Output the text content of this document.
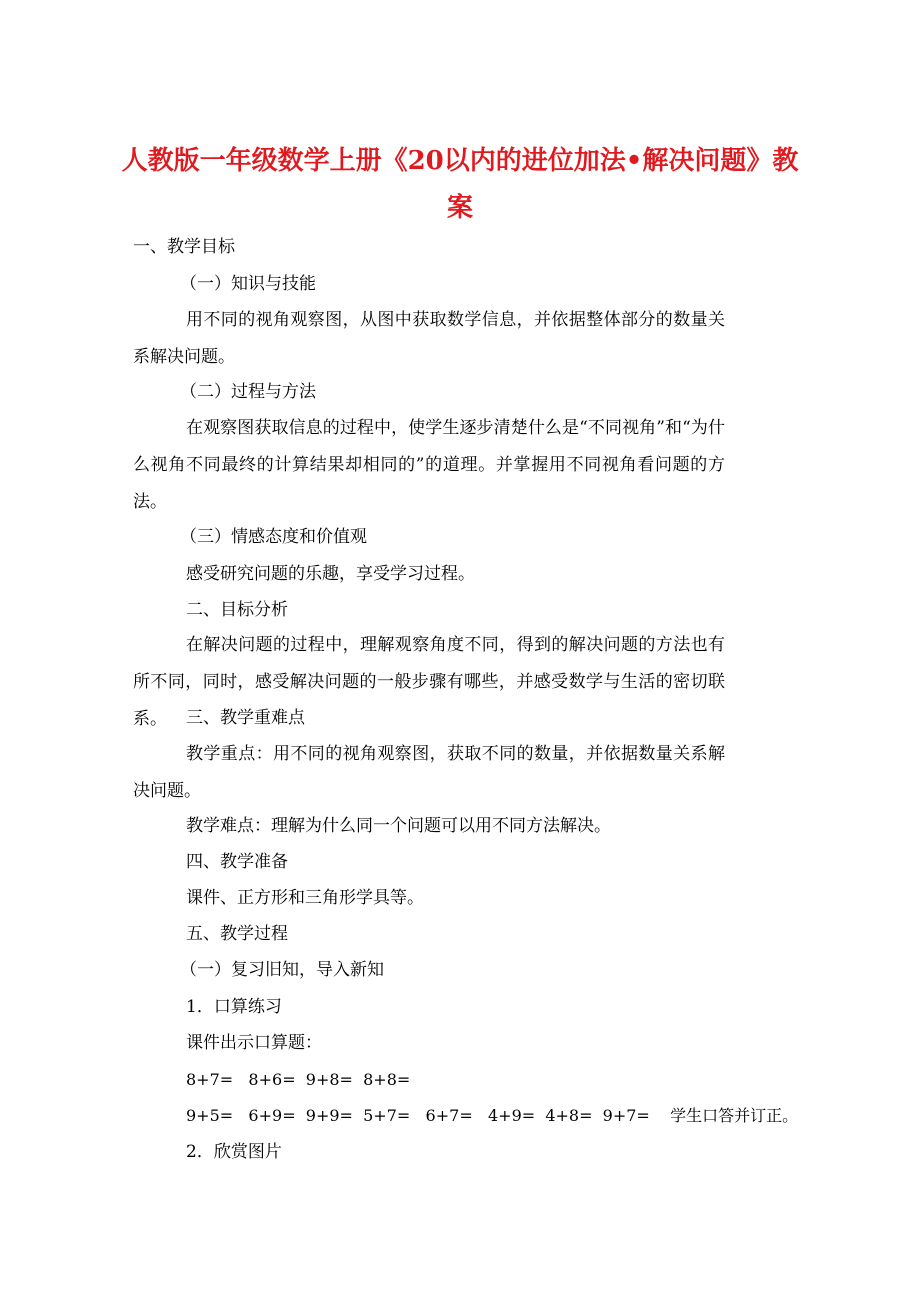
人教版一年级数学上册《20以内的进位加法•解决问题》教案
一、教学目标
（一）知识与技能
用不同的视角观察图，从图中获取数学信息，并依据整体部分的数量关系解决问题。
（二）过程与方法
在观察图获取信息的过程中，使学生逐步清楚什么是“不同视角”和“为什么视角不同最终的计算结果却相同的”的道理。并掌握用不同视角看问题的方法。
（三）情感态度和价值观
感受研究问题的乐趣，享受学习过程。
二、目标分析
在解决问题的过程中，理解观察角度不同，得到的解决问题的方法也有所不同，同时，感受解决问题的一般步骤有哪些，并感受数学与生活的密切联系。	三、教学重难点
教学重点：用不同的视角观察图，获取不同的数量，并依据数量关系解决问题。
教学难点：理解为什么同一个问题可以用不同方法解决。
四、教学准备
课件、正方形和三角形学具等。
五、教学过程
（一）复习旧知，导入新知
1．口算练习
课件出示口算题：
8+7=   8+6=  9+8=  8+8=
9+5=   6+9=  9+9=  5+7=   6+7=   4+9=  4+8=  9+7=    学生口答并订正。
2．欣赏图片
